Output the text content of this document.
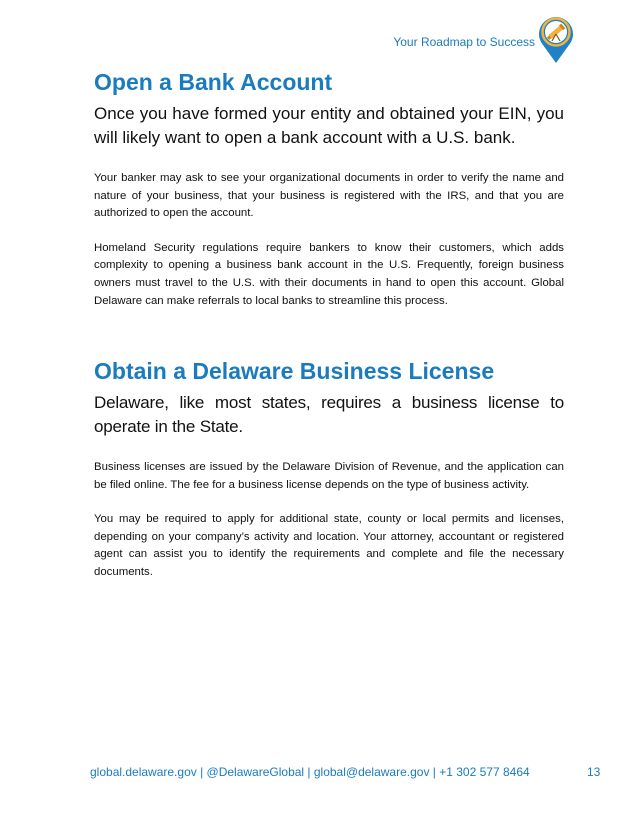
Your Roadmap to Success
Open a Bank Account

Once you have formed your entity and obtained your EIN, you will likely want to open a bank account with a U.S. bank.

Your banker may ask to see your organizational documents in order to verify the name and nature of your business, that your business is registered with the IRS, and that you are authorized to open the account.

Homeland Security regulations require bankers to know their customers, which adds complexity to opening a business bank account in the U.S. Frequently, foreign business owners must travel to the U.S. with their documents in hand to open this account. Global Delaware can make referrals to local banks to streamline this process.

Obtain a Delaware Business License

Delaware, like most states, requires a business license to operate in the State.

Business licenses are issued by the Delaware Division of Revenue, and the application can be filed online. The fee for a business license depends on the type of business activity.

You may be required to apply for additional state, county or local permits and licenses, depending on your company’s activity and location. Your attorney, accountant or registered agent can assist you to identify the requirements and complete and file the necessary documents.

global.delaware.gov | @DelawareGlobal | global@delaware.gov | +1 302 577 8464	13
